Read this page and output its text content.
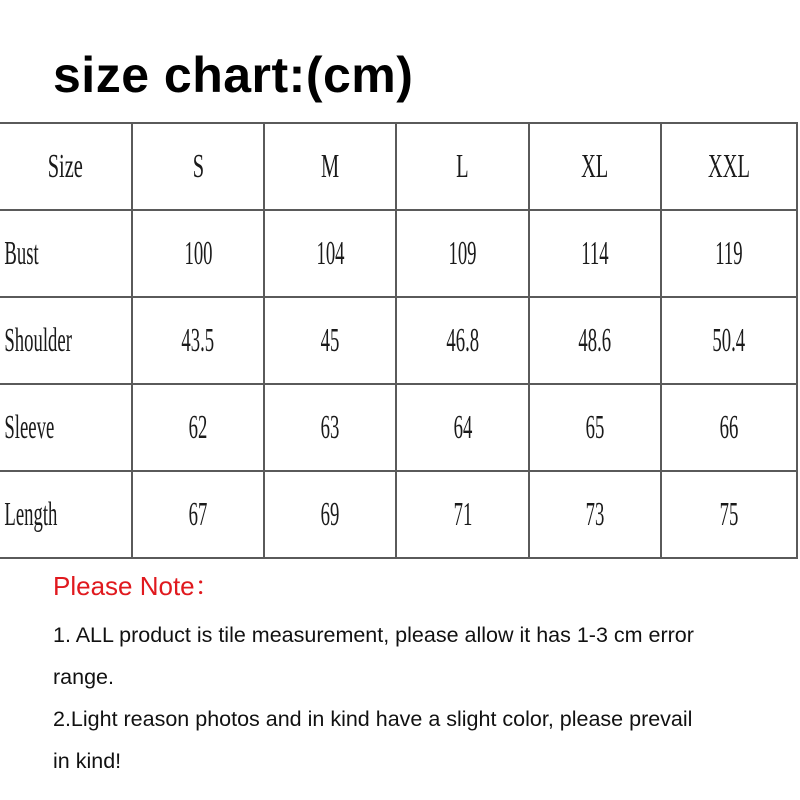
size chart:(cm)
Size	S	M	L	XL	XXL
Bust	100	104	109	114	119
Shoulder	43.5	45	46.8	48.6	50.4
Sleeve	62	63	64	65	66
Length	67	69	71	73	75
Please Note：
1. ALL product is tile measurement, please allow it has 1-3 cm error
range.
2.Light reason photos and in kind have a slight color, please prevail
in kind!
